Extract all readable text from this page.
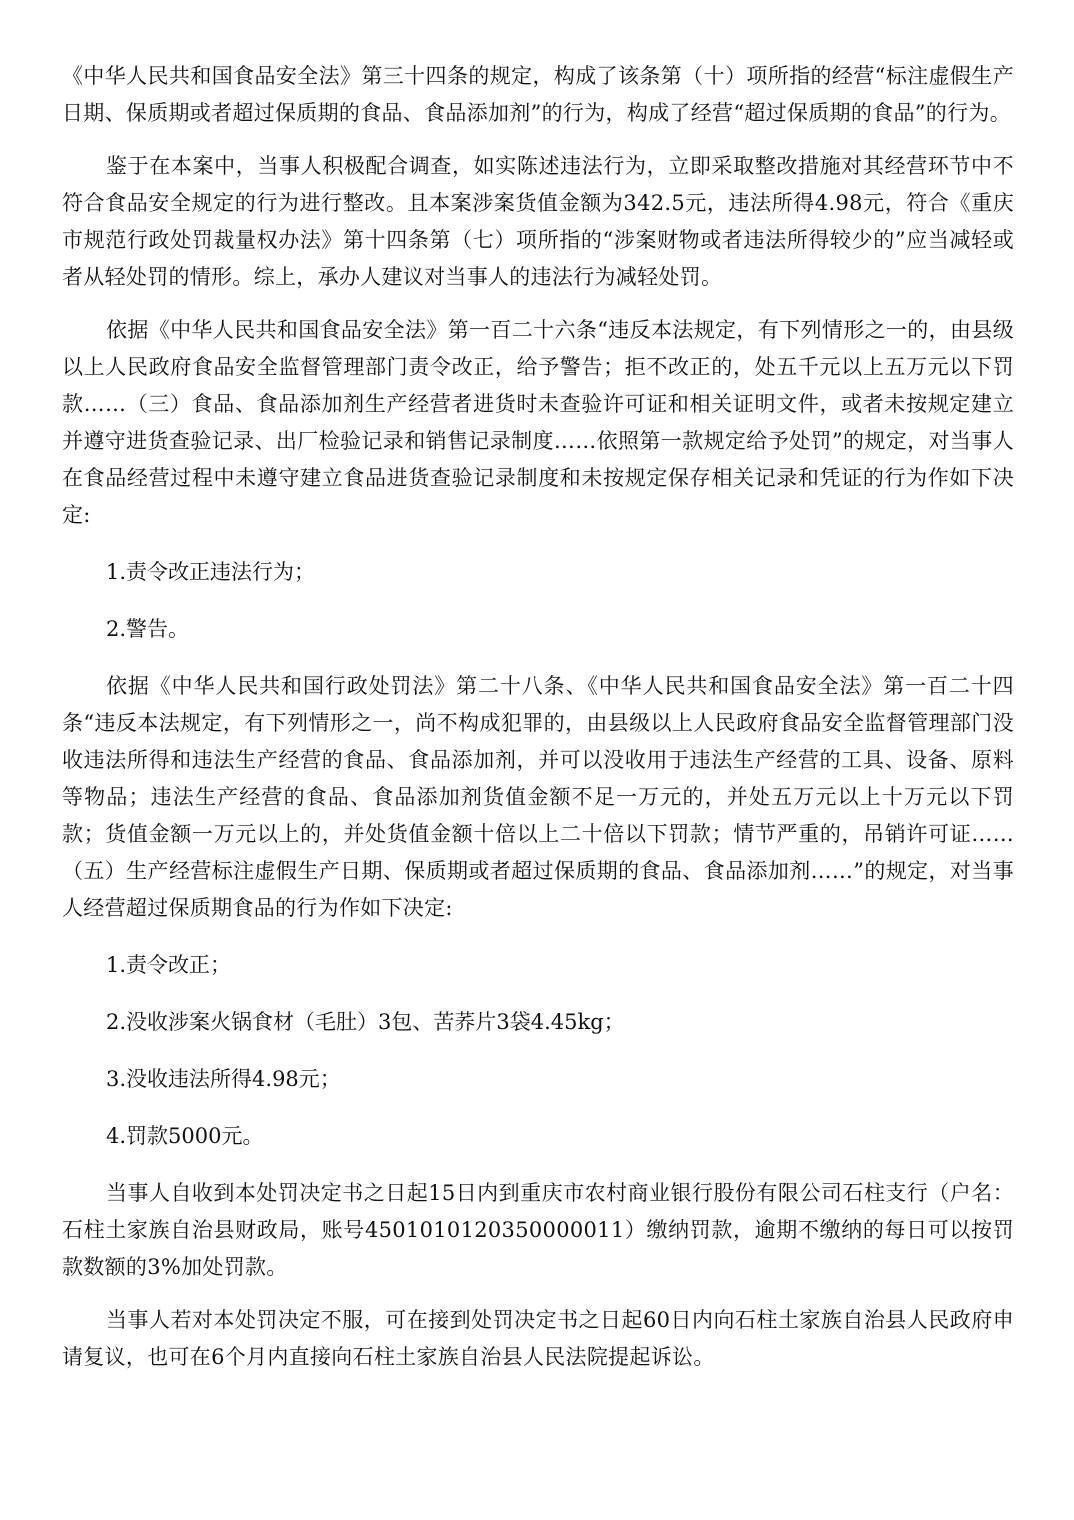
《中华人民共和国食品安全法》第三十四条的规定，构成了该条第（十）项所指的经营“标注虚假生产日期、保质期或者超过保质期的食品、食品添加剂”的行为，构成了经营“超过保质期的食品”的行为。

鉴于在本案中，当事人积极配合调查，如实陈述违法行为，立即采取整改措施对其经营环节中不符合食品安全规定的行为进行整改。且本案涉案货值金额为342.5元，违法所得4.98元，符合《重庆市规范行政处罚裁量权办法》第十四条第（七）项所指的“涉案财物或者违法所得较少的”应当减轻或者从轻处罚的情形。综上，承办人建议对当事人的违法行为减轻处罚。

依据《中华人民共和国食品安全法》第一百二十六条“违反本法规定，有下列情形之一的，由县级以上人民政府食品安全监督管理部门责令改正，给予警告；拒不改正的，处五千元以上五万元以下罚款……（三）食品、食品添加剂生产经营者进货时未查验许可证和相关证明文件，或者未按规定建立并遵守进货查验记录、出厂检验记录和销售记录制度……依照第一款规定给予处罚”的规定，对当事人在食品经营过程中未遵守建立食品进货查验记录制度和未按规定保存相关记录和凭证的行为作如下决定:

1.责令改正违法行为；

2.警告。

依据《中华人民共和国行政处罚法》第二十八条、《中华人民共和国食品安全法》第一百二十四条“违反本法规定，有下列情形之一，尚不构成犯罪的，由县级以上人民政府食品安全监督管理部门没收违法所得和违法生产经营的食品、食品添加剂，并可以没收用于违法生产经营的工具、设备、原料等物品；违法生产经营的食品、食品添加剂货值金额不足一万元的，并处五万元以上十万元以下罚款；货值金额一万元以上的，并处货值金额十倍以上二十倍以下罚款；情节严重的，吊销许可证……（五）生产经营标注虚假生产日期、保质期或者超过保质期的食品、食品添加剂……”的规定，对当事人经营超过保质期食品的行为作如下决定:

1.责令改正；

2.没收涉案火锅食材（毛肚）3包、苦荞片3袋4.45kg；

3.没收违法所得4.98元；

4.罚款5000元。

当事人自收到本处罚决定书之日起15日内到重庆市农村商业银行股份有限公司石柱支行（户名：石柱土家族自治县财政局，账号4501010120350000011）缴纳罚款，逾期不缴纳的每日可以按罚款数额的3%加处罚款。

当事人若对本处罚决定不服，可在接到处罚决定书之日起60日内向石柱土家族自治县人民政府申请复议，也可在6个月内直接向石柱土家族自治县人民法院提起诉讼。
